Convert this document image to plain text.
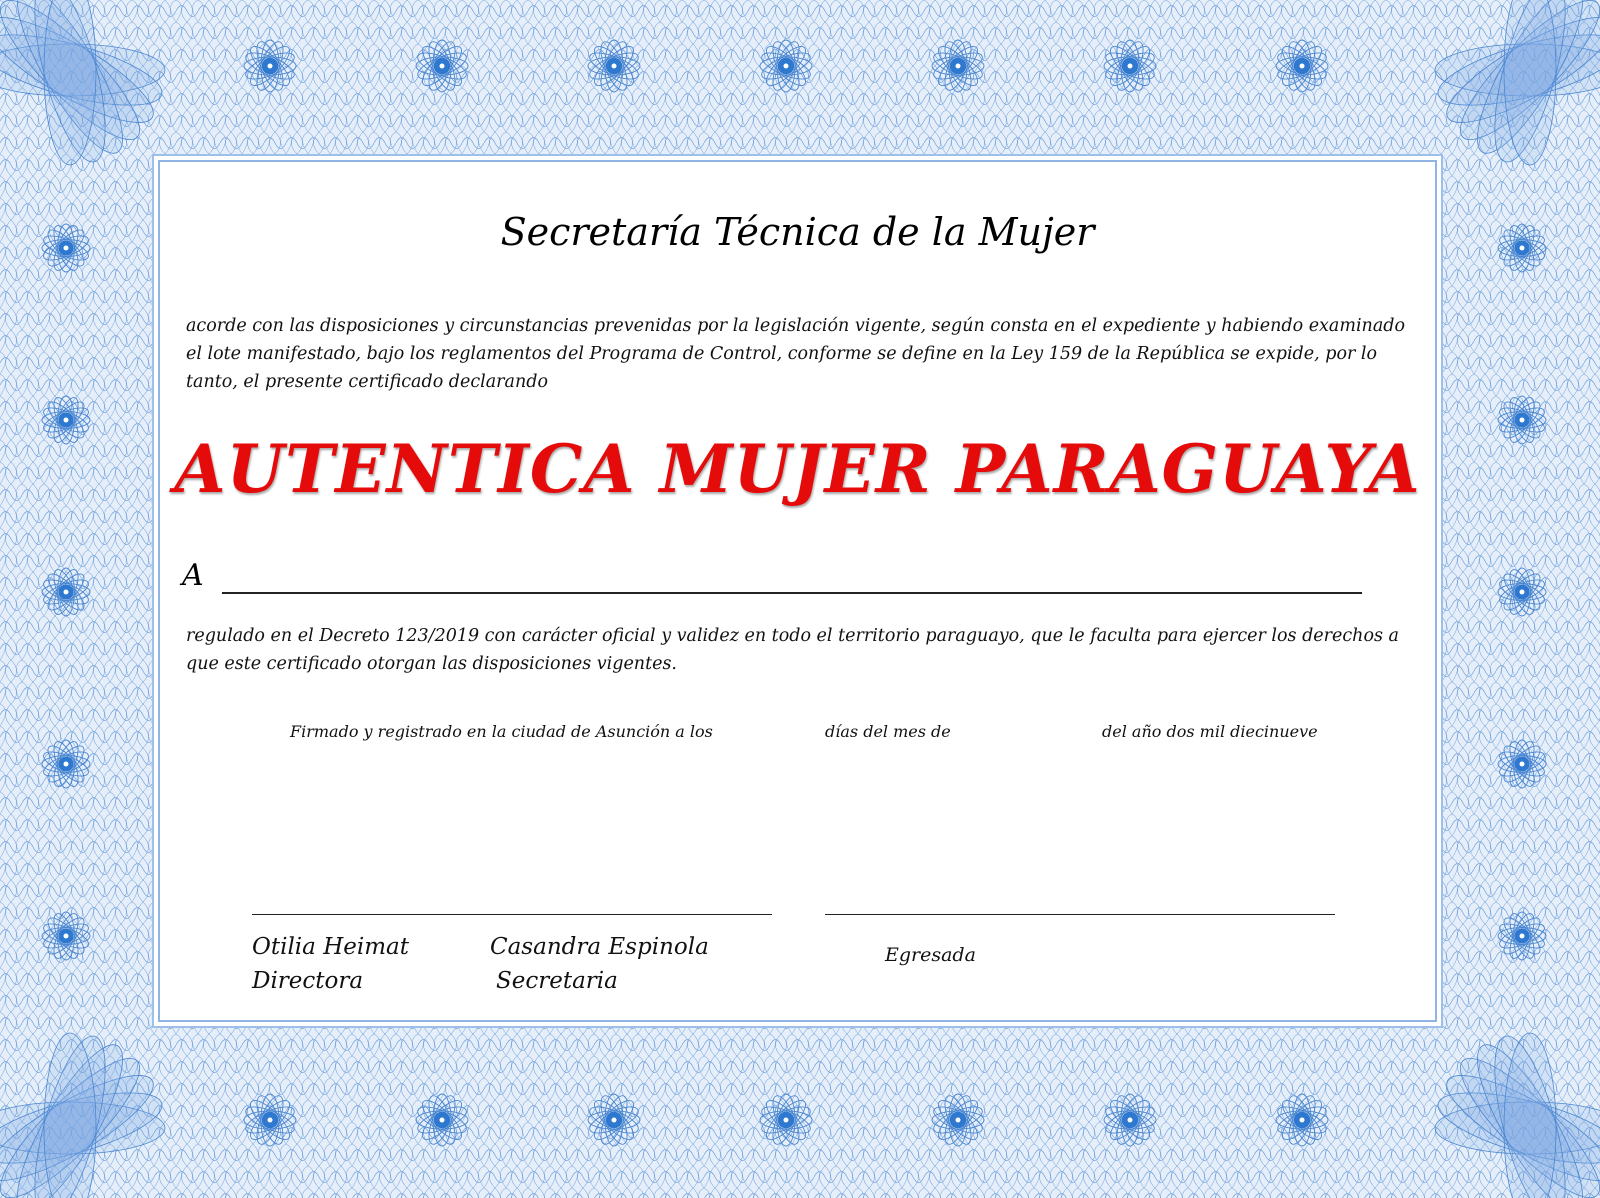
Secretaría Técnica de la Mujer
acorde con las disposiciones y circunstancias prevenidas por la legislación vigente, según consta en el expediente y habiendo examinado el lote manifestado, bajo los reglamentos del Programa de Control, conforme se define en la Ley 159 de la República se expide, por lo tanto, el presente certificado declarando
AUTENTICA MUJER PARAGUAYA
A
regulado en el Decreto 123/2019 con carácter oficial y validez en todo el territorio paraguayo, que le faculta para ejercer los derechos a que este certificado otorgan las disposiciones vigentes.
Firmado y registrado en la ciudad de Asunción a los	días del mes de	del año dos mil diecinueve
Otilia Heimat
Directora
Casandra Espinola
Secretaria
Egresada
